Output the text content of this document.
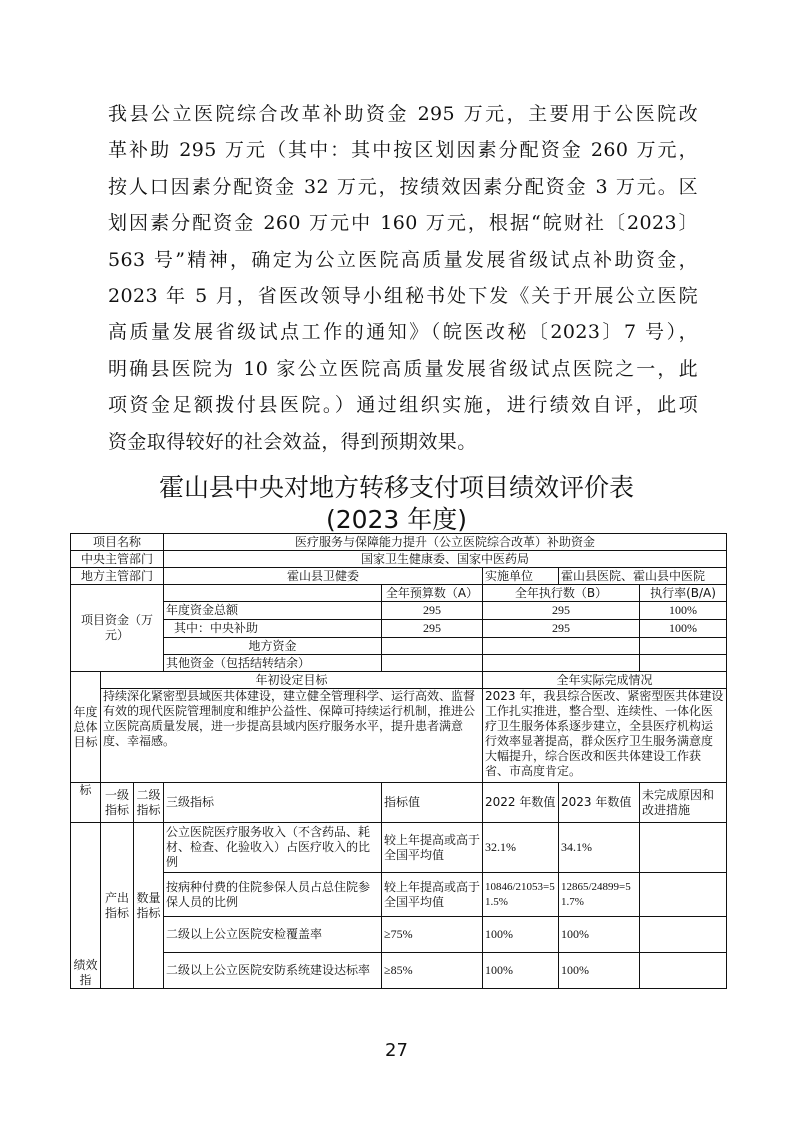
我县公立医院综合改革补助资金 295 万元，主要用于公医院改
革补助 295 万元（其中：其中按区划因素分配资金 260 万元，
按人口因素分配资金 32 万元，按绩效因素分配资金 3 万元。区
划因素分配资金 260 万元中 160 万元，根据“皖财社〔2023〕
563 号”精神，确定为公立医院高质量发展省级试点补助资金，
2023 年 5 月，省医改领导小组秘书处下发《关于开展公立医院
高质量发展省级试点工作的通知》（皖医改秘〔2023〕7 号），
明确县医院为 10 家公立医院高质量发展省级试点医院之一，此
项资金足额拨付县医院。）通过组织实施，进行绩效自评，此项
资金取得较好的社会效益，得到预期效果。
霍山县中央对地方转移支付项目绩效评价表
(2023 年度)
项目名称			医疗服务与保障能力提升（公立医院综合改革）补助资金				
中央主管部门			国家卫生健康委、国家中医药局				
地方主管部门			霍山县卫健委		实施单位	霍山县医院、霍山县中医院	
项目资金（万元）				全年预算数（A）	全年执行数（B）		执行率(B/A)
			年度资金总额	295	295		100%
			其中：中央补助	295	295		100%
			地方资金				
			其他资金（包括结转结余）				
年度总体目标	年初设定目标				全年实际完成情况		
	持续深化紧密型县域医共体建设，建立健全管理科学、运行高效、监督有效的现代医院管理制度和维护公益性、保障可持续运行机制，推进公立医院高质量发展，进一步提高县域内医疗服务水平，提升患者满意度、幸福感。				2023 年，我县综合医改、紧密型医共体建设工作扎实推进，整合型、连续性、一体化医疗卫生服务体系逐步建立，全县医疗机构运行效率显著提高，群众医疗卫生服务满意度大幅提升，综合医改和医共体建设工作获省、市高度肯定。		
标	一级指标	二级指标	三级指标	指标值	2022 年数值	2023 年数值	未完成原因和改进措施
绩效指	产出指标	数量指标	公立医院医疗服务收入（不含药品、耗材、检查、化验收入）占医疗收入的比例	较上年提高或高于全国平均值	32.1%	34.1%	
			按病种付费的住院参保人员占总住院参保人员的比例	较上年提高或高于全国平均值	10846/21053=51.5%	12865/24899=51.7%	
			二级以上公立医院安检覆盖率	≥75%	100%	100%	
			二级以上公立医院安防系统建设达标率	≥85%	100%	100%	
27
